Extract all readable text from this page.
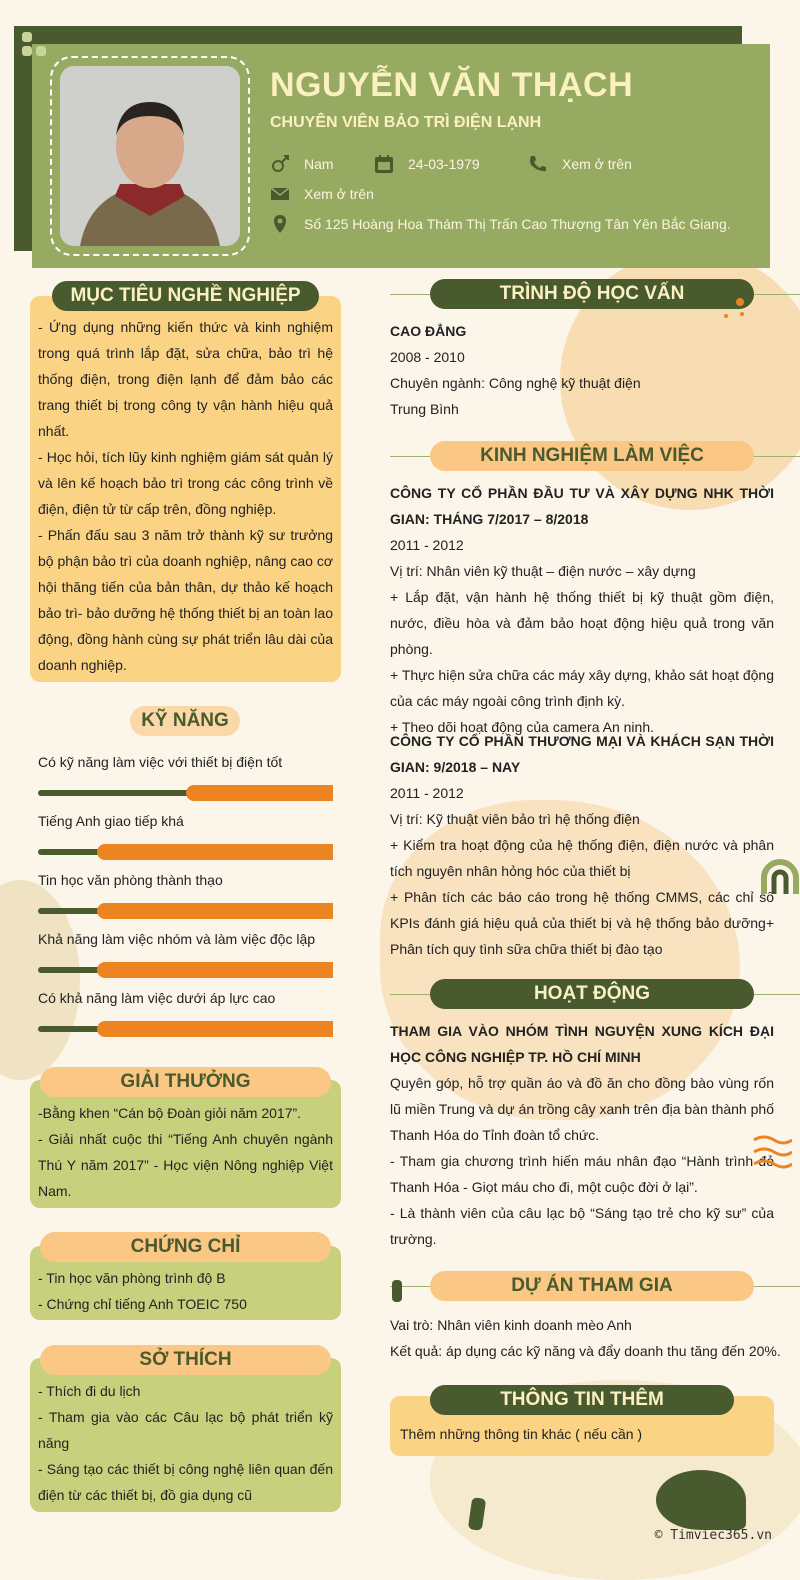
NGUYỄN VĂN THẠCH
CHUYÊN VIÊN BẢO TRÌ ĐIỆN LẠNH
Nam	24-03-1979	Xem ở trên
Xem ở trên
Số 125 Hoàng Hoa Thám Thị Trấn Cao Thượng Tân Yên Bắc Giang.
MỤC TIÊU NGHỀ NGHIỆP

- Ứng dụng những kiến thức và kinh nghiệm trong quá trình lắp đặt, sửa chữa, bảo trì hệ thống điện, trong điện lạnh để đảm bảo các trang thiết bị trong công ty vận hành hiệu quả nhất.

- Học hỏi, tích lũy kinh nghiệm giám sát quản lý và lên kế hoạch bảo trì trong các công trình về điện, điện tử từ cấp trên, đồng nghiệp.

- Phấn đấu sau 3 năm trở thành kỹ sư trưởng bộ phận bảo trì của doanh nghiệp, nâng cao cơ hội thăng tiến của bản thân, dự thảo kế hoạch bảo trì- bảo dưỡng hệ thống thiết bị an toàn lao động, đồng hành cùng sự phát triển lâu dài của doanh nghiệp.

KỸ NĂNG
Có kỹ năng làm việc với thiết bị điện tốt
Tiếng Anh giao tiếp khá
Tin học văn phòng thành thạo
Khả năng làm việc nhóm và làm việc độc lập
Có khả năng làm việc dưới áp lực cao
GIẢI THƯỞNG

-Bằng khen “Cán bộ Đoàn giỏi năm 2017”.

- Giải nhất cuộc thi “Tiếng Anh chuyên ngành Thú Y năm 2017” - Học viện Nông nghiệp Việt Nam.

CHỨNG CHỈ

- Tin học văn phòng trình độ B

- Chứng chỉ tiếng Anh TOEIC 750

SỞ THÍCH

- Thích đi du lịch

- Tham gia vào các Câu lạc bộ phát triển kỹ năng

- Sáng tạo các thiết bị công nghệ liên quan đến điện từ các thiết bị, đồ gia dụng cũ

TRÌNH ĐỘ HỌC VẤN

CAO ĐẲNG

2008 - 2010

Chuyên ngành: Công nghệ kỹ thuật điện

Trung Bình

KINH NGHIỆM LÀM VIỆC

CÔNG TY CỔ PHẦN ĐẦU TƯ VÀ XÂY DỰNG NHK THỜI GIAN: THÁNG 7/2017 – 8/2018

2011 - 2012

Vị trí: Nhân viên kỹ thuật – điện nước – xây dựng

+ Lắp đặt, vận hành hệ thống thiết bị kỹ thuật gồm điện, nước, điều hòa và đảm bảo hoạt động hiệu quả trong văn phòng.

+ Thực hiện sửa chữa các máy xây dựng, khảo sát hoạt động của các máy ngoài công trình định kỳ.

+ Theo dõi hoạt động của camera An ninh.

CÔNG TY CỔ PHẦN THƯƠNG MẠI VÀ KHÁCH SẠN THỜI GIAN: 9/2018 – NAY

2011 - 2012

Vị trí: Kỹ thuật viên bảo trì hệ thống điện

+ Kiểm tra hoạt động của hệ thống điện, điện nước và phân tích nguyên nhân hỏng hóc của thiết bị

+ Phân tích các báo cáo trong hệ thống CMMS, các chỉ số KPIs đánh giá hiệu quả của thiết bị và hệ thống bảo dưỡng+ Phân tích quy tình sữa chữa thiết bị đào tạo

HOẠT ĐỘNG

THAM GIA VÀO NHÓM TÌNH NGUYỆN XUNG KÍCH ĐẠI HỌC CÔNG NGHIỆP TP. HỒ CHÍ MINH

Quyên góp, hỗ trợ quần áo và đồ ăn cho đồng bào vùng rốn lũ miền Trung và dự án trồng cây xanh trên địa bàn thành phố Thanh Hóa do Tỉnh đoàn tổ chức.

- Tham gia chương trình hiến máu nhân đạo “Hành trình đỏ Thanh Hóa - Giọt máu cho đi, một cuộc đời ở lại”.

- Là thành viên của câu lạc bộ “Sáng tạo trẻ cho kỹ sư” của trường.

DỰ ÁN THAM GIA

Vai trò: Nhân viên kinh doanh mèo Anh

Kết quả: áp dụng các kỹ năng và đẩy doanh thu tăng đến 20%.

THÔNG TIN THÊM
Thêm những thông tin khác ( nếu cần )
© Timviec365.vn
